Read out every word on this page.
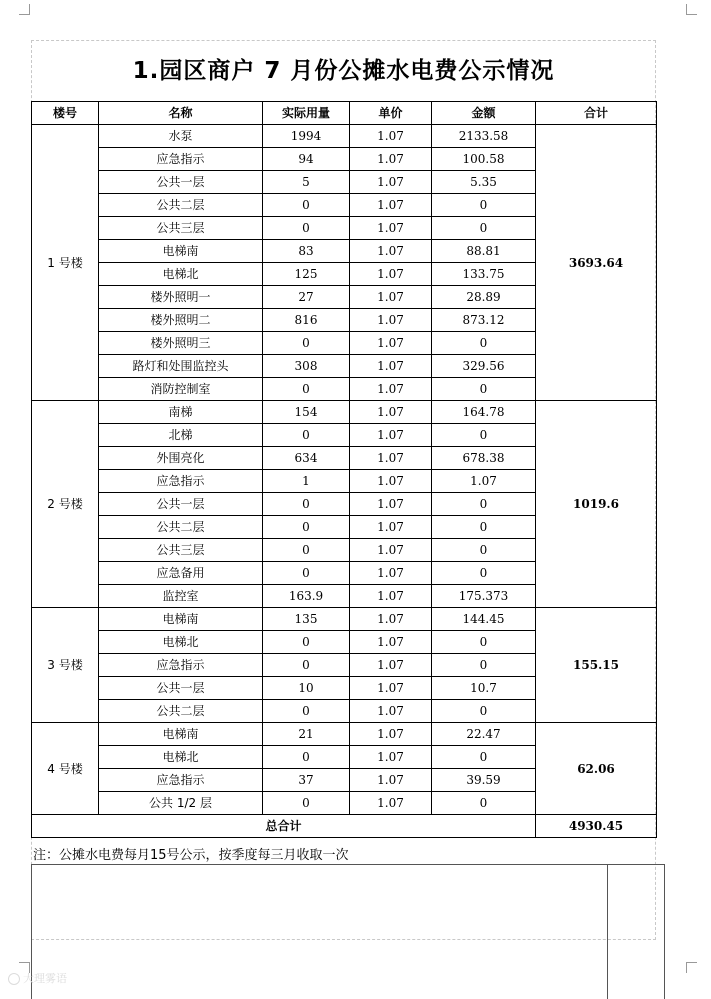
1.园区商户 7 月份公摊水电费公示情况
楼号	名称	实际用量	单价	金额	合计
1 号楼	水泵	1994	1.07	2133.58	3693.64
	应急指示	94	1.07	100.58	
	公共一层	5	1.07	5.35	
	公共二层	0	1.07	0	
	公共三层	0	1.07	0	
	电梯南	83	1.07	88.81	
	电梯北	125	1.07	133.75	
	楼外照明一	27	1.07	28.89	
	楼外照明二	816	1.07	873.12	
	楼外照明三	0	1.07	0	
	路灯和处围监控头	308	1.07	329.56	
	消防控制室	0	1.07	0	
2 号楼	南梯	154	1.07	164.78	1019.6
	北梯	0	1.07	0	
	外围亮化	634	1.07	678.38	
	应急指示	1	1.07	1.07	
	公共一层	0	1.07	0	
	公共二层	0	1.07	0	
	公共三层	0	1.07	0	
	应急备用	0	1.07	0	
	监控室	163.9	1.07	175.373	
3 号楼	电梯南	135	1.07	144.45	155.15
	电梯北	0	1.07	0	
	应急指示	0	1.07	0	
	公共一层	10	1.07	10.7	
	公共二层	0	1.07	0	
4 号楼	电梯南	21	1.07	22.47	62.06
	电梯北	0	1.07	0	
	应急指示	37	1.07	39.59	
	公共 1/2 层	0	1.07	0	
总合计					4930.45
注：公摊水电费每月15号公示，按季度每三月收取一次
大理雾语
